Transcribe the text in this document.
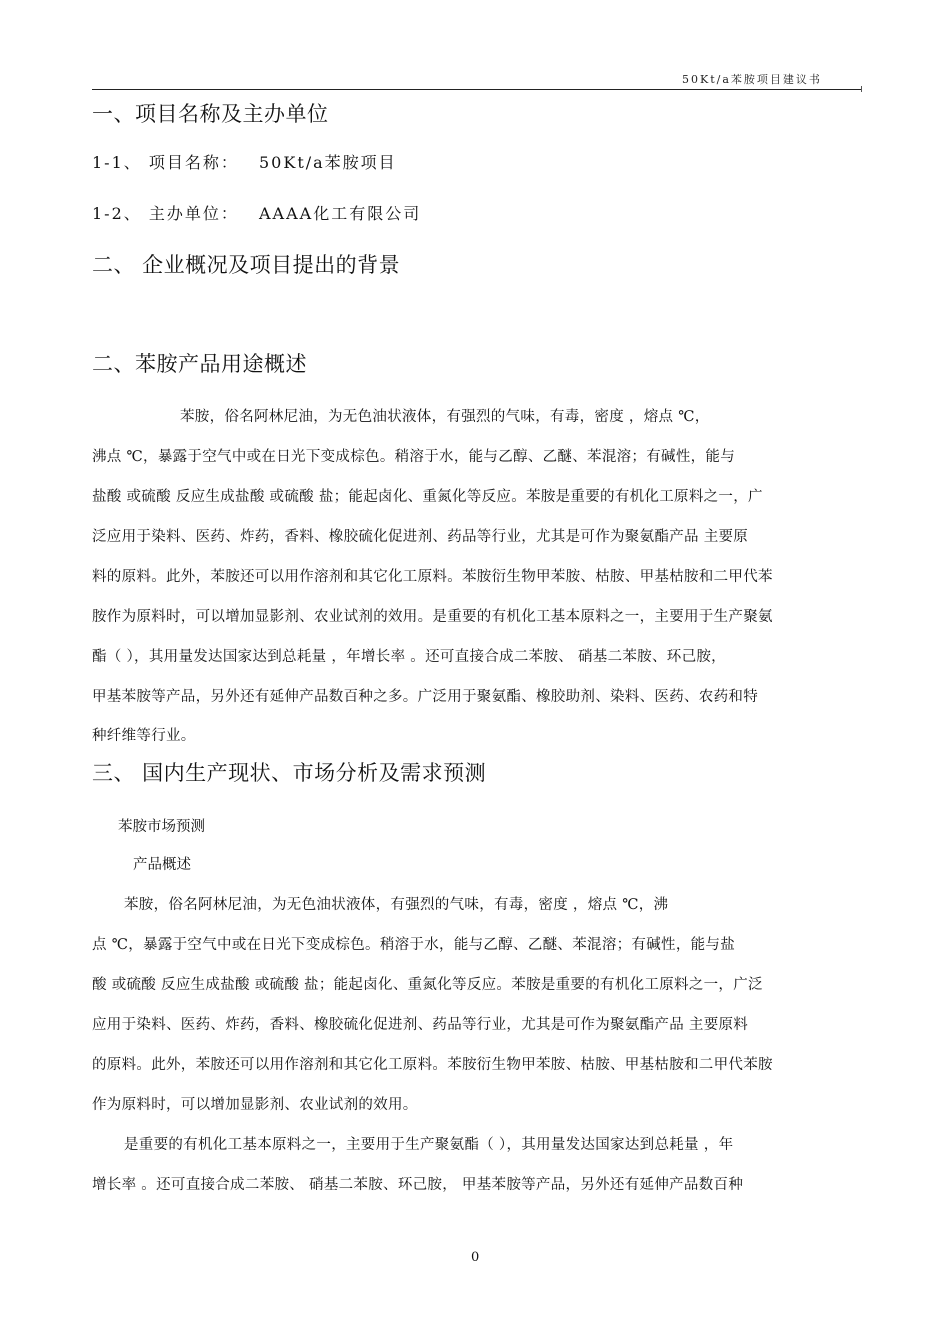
50Kt/a苯胺项目建议书
一、项目名称及主办单位
1-1、 项目名称： 50Kt/a苯胺项目
1-2、 主办单位： AAAA化工有限公司
二、 企业概况及项目提出的背景
二、苯胺产品用途概述
苯胺，俗名阿林尼油，为无色油状液体，有强烈的气味，有毒，密度 ，熔点 ℃，
沸点 ℃，暴露于空气中或在日光下变成棕色。稍溶于水，能与乙醇、乙醚、苯混溶；有碱性，能与
盐酸 或硫酸 反应生成盐酸 或硫酸 盐；能起卤化、重氮化等反应。苯胺是重要的有机化工原料之一，广
泛应用于染料、医药、炸药，香料、橡胶硫化促进剂、药品等行业，尤其是可作为聚氨酯产品 主要原
料的原料。此外，苯胺还可以用作溶剂和其它化工原料。苯胺衍生物甲苯胺、枯胺、甲基枯胺和二甲代苯
胺作为原料时，可以增加显影剂、农业试剂的效用。是重要的有机化工基本原料之一，主要用于生产聚氨
酯（ ），其用量发达国家达到总耗量 ，年增长率 。还可直接合成二苯胺、 硝基二苯胺、环己胺，
甲基苯胺等产品，另外还有延伸产品数百种之多。广泛用于聚氨酯、橡胶助剂、染料、医药、农药和特
种纤维等行业。
三、 国内生产现状、市场分析及需求预测
苯胺市场预测
产品概述
苯胺，俗名阿林尼油，为无色油状液体，有强烈的气味，有毒，密度 ，熔点 ℃，沸
点 ℃，暴露于空气中或在日光下变成棕色。稍溶于水，能与乙醇、乙醚、苯混溶；有碱性，能与盐
酸 或硫酸 反应生成盐酸 或硫酸 盐；能起卤化、重氮化等反应。苯胺是重要的有机化工原料之一，广泛
应用于染料、医药、炸药，香料、橡胶硫化促进剂、药品等行业，尤其是可作为聚氨酯产品 主要原料
的原料。此外，苯胺还可以用作溶剂和其它化工原料。苯胺衍生物甲苯胺、枯胺、甲基枯胺和二甲代苯胺
作为原料时，可以增加显影剂、农业试剂的效用。
是重要的有机化工基本原料之一，主要用于生产聚氨酯（ ），其用量发达国家达到总耗量 ，年
增长率 。还可直接合成二苯胺、 硝基二苯胺、环己胺， 甲基苯胺等产品，另外还有延伸产品数百种
0
